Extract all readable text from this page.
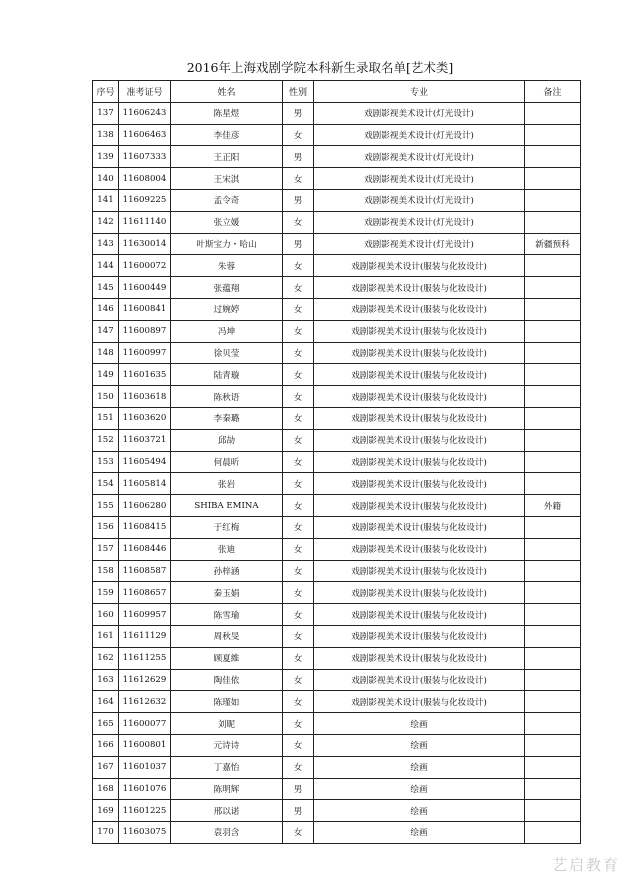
2016年上海戏剧学院本科新生录取名单[艺术类]
序号	准考证号	姓名	性别	专业	备注
137	11606243	陈星煜	男	戏剧影视美术设计(灯光设计)	
138	11606463	李佳彦	女	戏剧影视美术设计(灯光设计)	
139	11607333	王正阳	男	戏剧影视美术设计(灯光设计)	
140	11608004	王宋淇	女	戏剧影视美术设计(灯光设计)	
141	11609225	孟令奇	男	戏剧影视美术设计(灯光设计)	
142	11611140	张立媛	女	戏剧影视美术设计(灯光设计)	
143	11630014	叶斯宝力・哈山	男	戏剧影视美术设计(灯光设计)	新疆预科
144	11600072	朱蓉	女	戏剧影视美术设计(服装与化妆设计)	
145	11600449	张蕴翔	女	戏剧影视美术设计(服装与化妆设计)	
146	11600841	过婉婷	女	戏剧影视美术设计(服装与化妆设计)	
147	11600897	冯坤	女	戏剧影视美术设计(服装与化妆设计)	
148	11600997	徐贝莹	女	戏剧影视美术设计(服装与化妆设计)	
149	11601635	陆青璇	女	戏剧影视美术设计(服装与化妆设计)	
150	11603618	陈秋语	女	戏剧影视美术设计(服装与化妆设计)	
151	11603620	李秦璐	女	戏剧影视美术设计(服装与化妆设计)	
152	11603721	邱劼	女	戏剧影视美术设计(服装与化妆设计)	
153	11605494	何晨昕	女	戏剧影视美术设计(服装与化妆设计)	
154	11605814	张岩	女	戏剧影视美术设计(服装与化妆设计)	
155	11606280	SHIBA EMINA	女	戏剧影视美术设计(服装与化妆设计)	外籍
156	11608415	于红梅	女	戏剧影视美术设计(服装与化妆设计)	
157	11608446	张迪	女	戏剧影视美术设计(服装与化妆设计)	
158	11608587	孙梓涵	女	戏剧影视美术设计(服装与化妆设计)	
159	11608657	秦玉娟	女	戏剧影视美术设计(服装与化妆设计)	
160	11609957	陈雪瑜	女	戏剧影视美术设计(服装与化妆设计)	
161	11611129	周秋旻	女	戏剧影视美术设计(服装与化妆设计)	
162	11611255	顾夏維	女	戏剧影视美术设计(服装与化妆设计)	
163	11612629	陶佳依	女	戏剧影视美术设计(服装与化妆设计)	
164	11612632	陈瑾如	女	戏剧影视美术设计(服装与化妆设计)	
165	11600077	刘昵	女	绘画	
166	11600801	元诗诗	女	绘画	
167	11601037	丁嘉怡	女	绘画	
168	11601076	陈明辉	男	绘画	
169	11601225	邢以诺	男	绘画	
170	11603075	袁羽含	女	绘画	
艺启教育
